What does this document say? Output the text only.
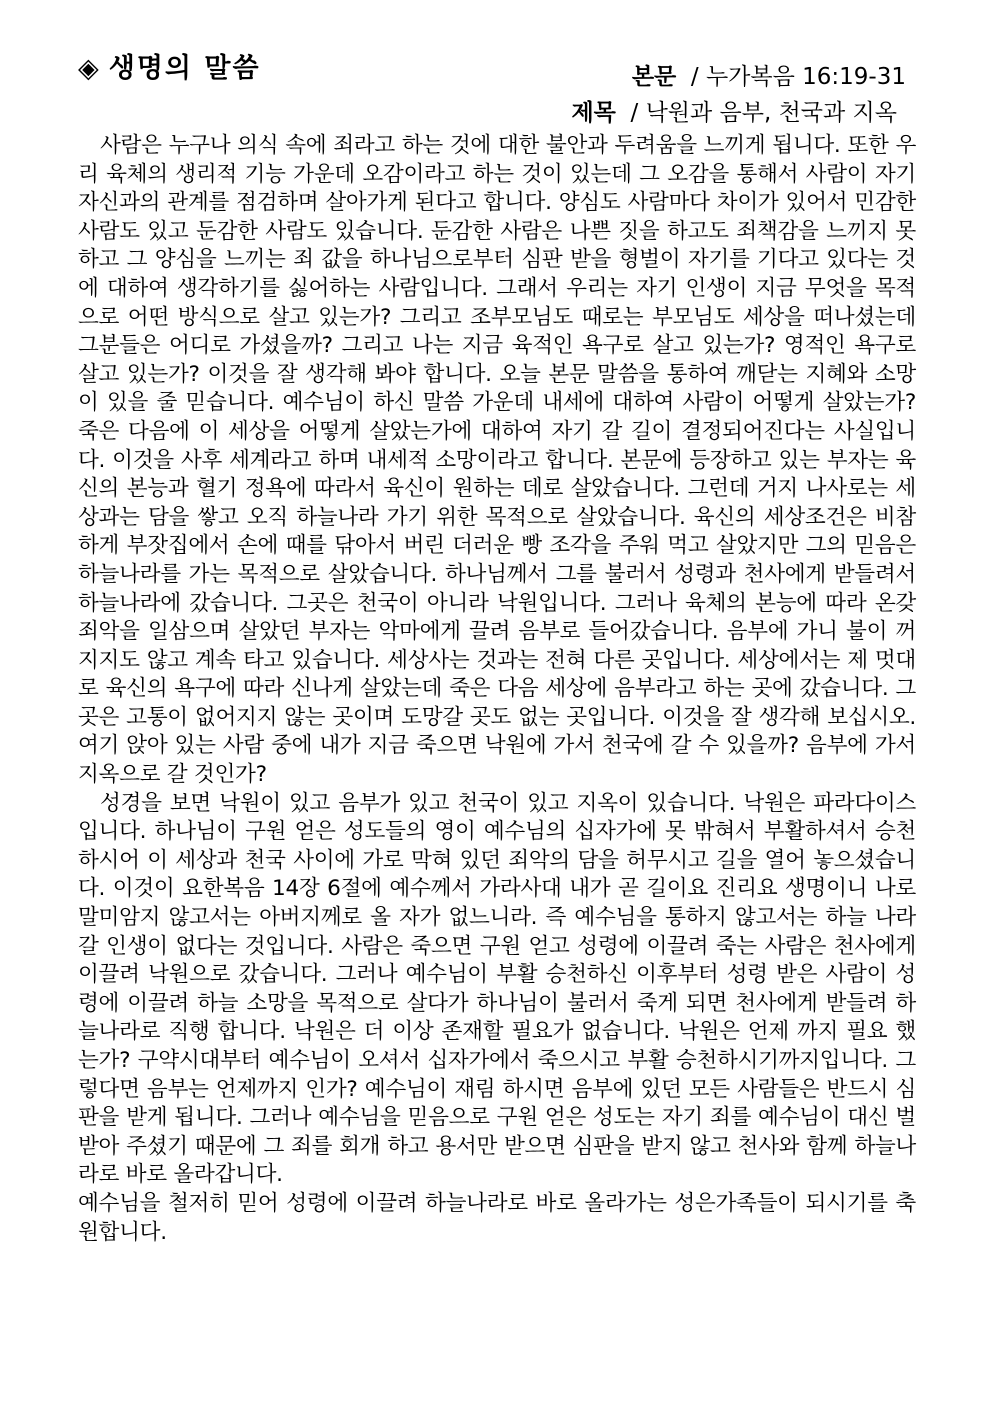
◈ 생명의 말씀	본문 / 누가복음 16:19-31
제목 / 낙원과 음부, 천국과 지옥

사람은 누구나 의식 속에 죄라고 하는 것에 대한 불안과 두려움을 느끼게 됩니다. 또한 우리 육체의 생리적 기능 가운데 오감이라고 하는 것이 있는데 그 오감을 통해서 사람이 자기 자신과의 관계를 점검하며 살아가게 된다고 합니다. 양심도 사람마다 차이가 있어서 민감한 사람도 있고 둔감한 사람도 있습니다. 둔감한 사람은 나쁜 짓을 하고도 죄책감을 느끼지 못하고 그 양심을 느끼는 죄 값을 하나님으로부터 심판 받을 형벌이 자기를 기다고 있다는 것에 대하여 생각하기를 싫어하는 사람입니다. 그래서 우리는 자기 인생이 지금 무엇을 목적으로 어떤 방식으로 살고 있는가? 그리고 조부모님도 때로는 부모님도 세상을 떠나셨는데 그분들은 어디로 가셨을까? 그리고 나는 지금 육적인 욕구로 살고 있는가? 영적인 욕구로 살고 있는가? 이것을 잘 생각해 봐야 합니다. 오늘 본문 말씀을 통하여 깨닫는 지혜와 소망이 있을 줄 믿습니다. 예수님이 하신 말씀 가운데 내세에 대하여 사람이 어떻게 살았는가? 죽은 다음에 이 세상을 어떻게 살았는가에 대하여 자기 갈 길이 결정되어진다는 사실입니다. 이것을 사후 세계라고 하며 내세적 소망이라고 합니다. 본문에 등장하고 있는 부자는 육신의 본능과 혈기 정욕에 따라서 육신이 원하는 데로 살았습니다. 그런데 거지 나사로는 세상과는 담을 쌓고 오직 하늘나라 가기 위한 목적으로 살았습니다. 육신의 세상조건은 비참하게 부잣집에서 손에 때를 닦아서 버린 더러운 빵 조각을 주워 먹고 살았지만 그의 믿음은 하늘나라를 가는 목적으로 살았습니다. 하나님께서 그를 불러서 성령과 천사에게 받들려서 하늘나라에 갔습니다. 그곳은 천국이 아니라 낙원입니다. 그러나 육체의 본능에 따라 온갖 죄악을 일삼으며 살았던 부자는 악마에게 끌려 음부로 들어갔습니다. 음부에 가니 불이 꺼지지도 않고 계속 타고 있습니다. 세상사는 것과는 전혀 다른 곳입니다. 세상에서는 제 멋대로 육신의 욕구에 따라 신나게 살았는데 죽은 다음 세상에 음부라고 하는 곳에 갔습니다. 그곳은 고통이 없어지지 않는 곳이며 도망갈 곳도 없는 곳입니다. 이것을 잘 생각해 보십시오. 여기 앉아 있는 사람 중에 내가 지금 죽으면 낙원에 가서 천국에 갈 수 있을까? 음부에 가서 지옥으로 갈 것인가?

성경을 보면 낙원이 있고 음부가 있고 천국이 있고 지옥이 있습니다. 낙원은 파라다이스입니다. 하나님이 구원 얻은 성도들의 영이 예수님의 십자가에 못 밖혀서 부활하셔서 승천하시어 이 세상과 천국 사이에 가로 막혀 있던 죄악의 담을 허무시고 길을 열어 놓으셨습니다. 이것이 요한복음 14장 6절에 예수께서 가라사대 내가 곧 길이요 진리요 생명이니 나로 말미암지 않고서는 아버지께로 올 자가 없느니라. 즉 예수님을 통하지 않고서는 하늘 나라갈 인생이 없다는 것입니다. 사람은 죽으면 구원 얻고 성령에 이끌려 죽는 사람은 천사에게 이끌려 낙원으로 갔습니다. 그러나 예수님이 부활 승천하신 이후부터 성령 받은 사람이 성령에 이끌려 하늘 소망을 목적으로 살다가 하나님이 불러서 죽게 되면 천사에게 받들려 하늘나라로 직행 합니다. 낙원은 더 이상 존재할 필요가 없습니다. 낙원은 언제 까지 필요 했는가? 구약시대부터 예수님이 오셔서 십자가에서 죽으시고 부활 승천하시기까지입니다. 그렇다면 음부는 언제까지 인가? 예수님이 재림 하시면 음부에 있던 모든 사람들은 반드시 심판을 받게 됩니다. 그러나 예수님을 믿음으로 구원 얻은 성도는 자기 죄를 예수님이 대신 벌 받아 주셨기 때문에 그 죄를 회개 하고 용서만 받으면 심판을 받지 않고 천사와 함께 하늘나라로 바로 올라갑니다.

예수님을 철저히 믿어 성령에 이끌려 하늘나라로 바로 올라가는 성은가족들이 되시기를 축원합니다.
